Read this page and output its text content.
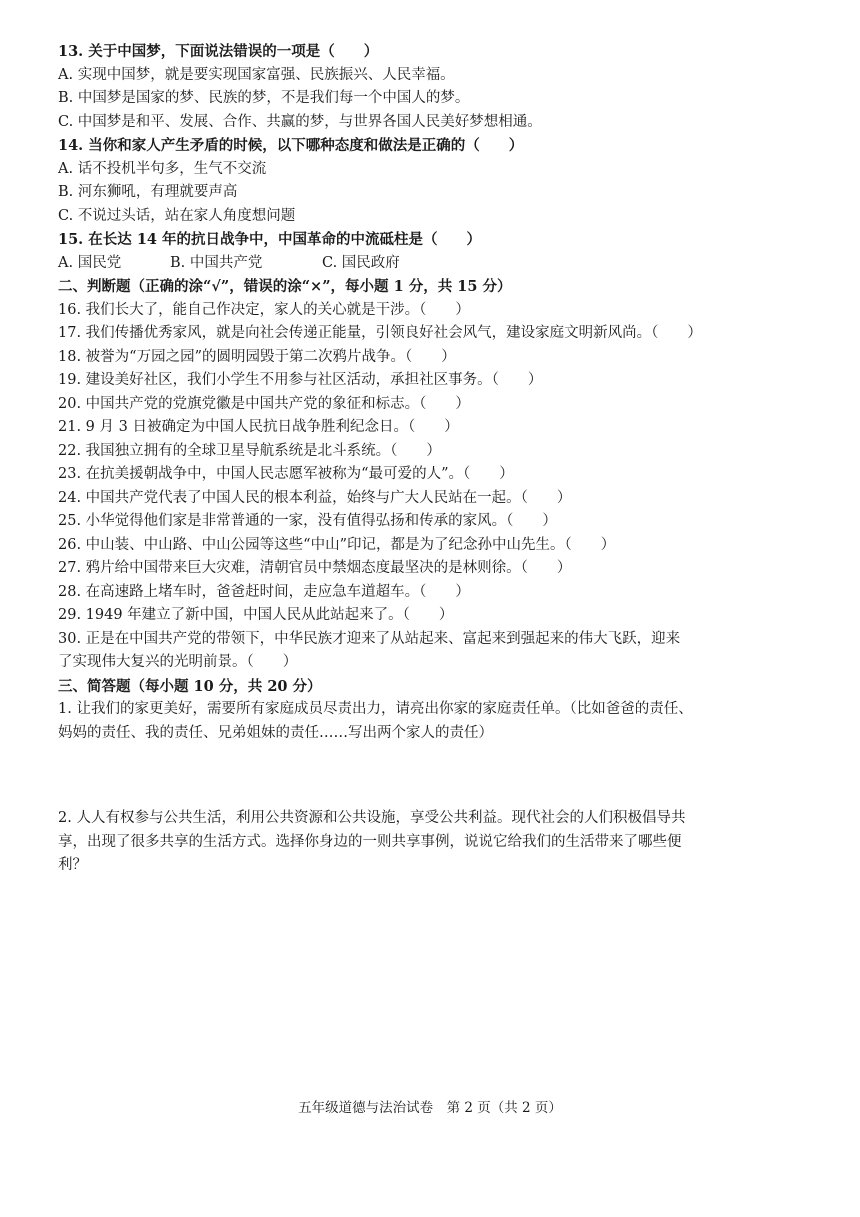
13. 关于中国梦，下面说法错误的一项是（　　）
A. 实现中国梦，就是要实现国家富强、民族振兴、人民幸福。
B. 中国梦是国家的梦、民族的梦，不是我们每一个中国人的梦。
C. 中国梦是和平、发展、合作、共赢的梦，与世界各国人民美好梦想相通。
14. 当你和家人产生矛盾的时候，以下哪种态度和做法是正确的（　　）
A. 话不投机半句多，生气不交流
B. 河东狮吼，有理就要声高
C. 不说过头话，站在家人角度想问题
15. 在长达 14 年的抗日战争中，中国革命的中流砥柱是（　　）
A. 国民党	B. 中国共产党	C. 国民政府
二、判断题（正确的涂“√”，错误的涂“×”，每小题 1 分，共 15 分）
16. 我们长大了，能自己作决定，家人的关心就是干涉。（　　）
17. 我们传播优秀家风，就是向社会传递正能量，引领良好社会风气，建设家庭文明新风尚。（　　）
18. 被誉为“万园之园”的圆明园毁于第二次鸦片战争。（　　）
19. 建设美好社区，我们小学生不用参与社区活动，承担社区事务。（　　）
20. 中国共产党的党旗党徽是中国共产党的象征和标志。（　　）
21. 9 月 3 日被确定为中国人民抗日战争胜利纪念日。（　　）
22. 我国独立拥有的全球卫星导航系统是北斗系统。（　　）
23. 在抗美援朝战争中，中国人民志愿军被称为“最可爱的人”。（　　）
24. 中国共产党代表了中国人民的根本利益，始终与广大人民站在一起。（　　）
25. 小华觉得他们家是非常普通的一家，没有值得弘扬和传承的家风。（　　）
26. 中山装、中山路、中山公园等这些“中山”印记，都是为了纪念孙中山先生。（　　）
27. 鸦片给中国带来巨大灾难，清朝官员中禁烟态度最坚决的是林则徐。（　　）
28. 在高速路上堵车时，爸爸赶时间，走应急车道超车。（　　）
29. 1949 年建立了新中国，中国人民从此站起来了。（　　）
30. 正是在中国共产党的带领下，中华民族才迎来了从站起来、富起来到强起来的伟大飞跃，迎来
了实现伟大复兴的光明前景。（　　）
三、简答题（每小题 10 分，共 20 分）
1. 让我们的家更美好，需要所有家庭成员尽责出力，请亮出你家的家庭责任单。（比如爸爸的责任、
妈妈的责任、我的责任、兄弟姐妹的责任……写出两个家人的责任）
2. 人人有权参与公共生活，利用公共资源和公共设施，享受公共利益。现代社会的人们积极倡导共
享，出现了很多共享的生活方式。选择你身边的一则共享事例，说说它给我们的生活带来了哪些便
利？
五年级道德与法治试卷　第 2 页（共 2 页）
